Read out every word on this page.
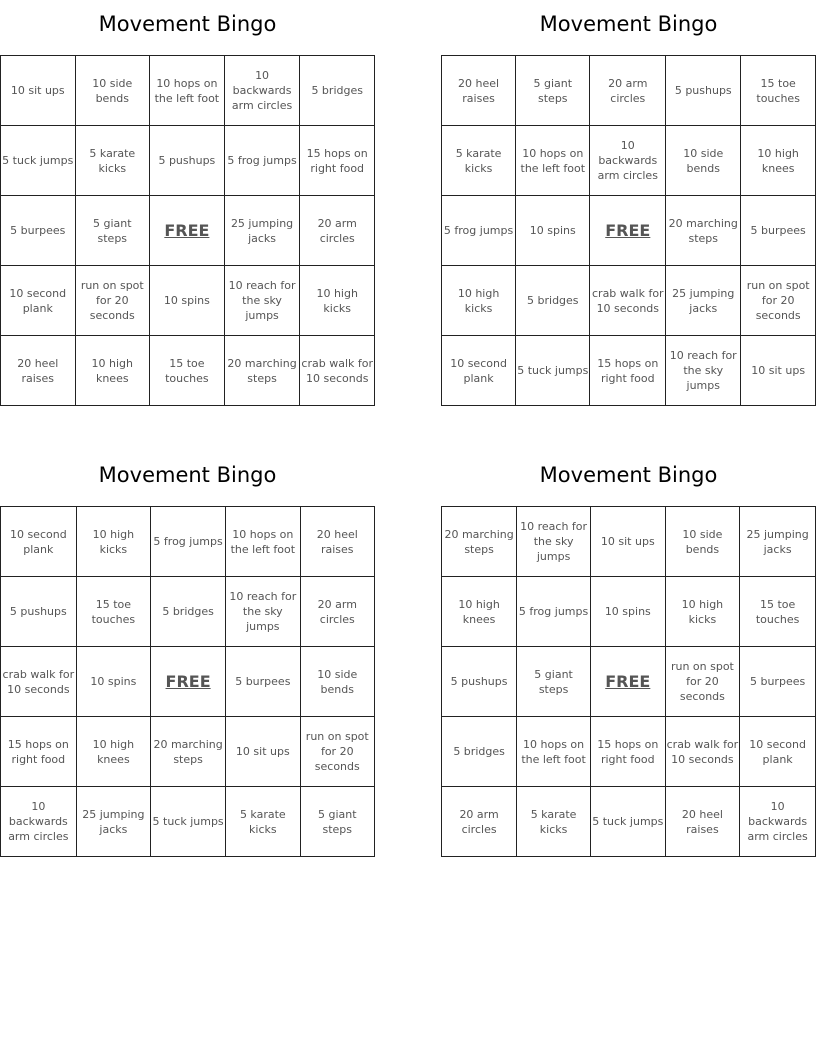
Movement Bingo
10 sit ups	10 side bends	10 hops on the left foot	10 backwards arm circles	5 bridges
5 tuck jumps	5 karate kicks	5 pushups	5 frog jumps	15 hops on right food
5 burpees	5 giant steps	FREE	25 jumping jacks	20 arm circles
10 second plank	run on spot for 20 seconds	10 spins	10 reach for the sky jumps	10 high kicks
20 heel raises	10 high knees	15 toe touches	20 marching steps	crab walk for 10 seconds
Movement Bingo
20 heel raises	5 giant steps	20 arm circles	5 pushups	15 toe touches
5 karate kicks	10 hops on the left foot	10 backwards arm circles	10 side bends	10 high knees
5 frog jumps	10 spins	FREE	20 marching steps	5 burpees
10 high kicks	5 bridges	crab walk for 10 seconds	25 jumping jacks	run on spot for 20 seconds
10 second plank	5 tuck jumps	15 hops on right food	10 reach for the sky jumps	10 sit ups
Movement Bingo
10 second plank	10 high kicks	5 frog jumps	10 hops on the left foot	20 heel raises
5 pushups	15 toe touches	5 bridges	10 reach for the sky jumps	20 arm circles
crab walk for 10 seconds	10 spins	FREE	5 burpees	10 side bends
15 hops on right food	10 high knees	20 marching steps	10 sit ups	run on spot for 20 seconds
10 backwards arm circles	25 jumping jacks	5 tuck jumps	5 karate kicks	5 giant steps
Movement Bingo
20 marching steps	10 reach for the sky jumps	10 sit ups	10 side bends	25 jumping jacks
10 high knees	5 frog jumps	10 spins	10 high kicks	15 toe touches
5 pushups	5 giant steps	FREE	run on spot for 20 seconds	5 burpees
5 bridges	10 hops on the left foot	15 hops on right food	crab walk for 10 seconds	10 second plank
20 arm circles	5 karate kicks	5 tuck jumps	20 heel raises	10 backwards arm circles
